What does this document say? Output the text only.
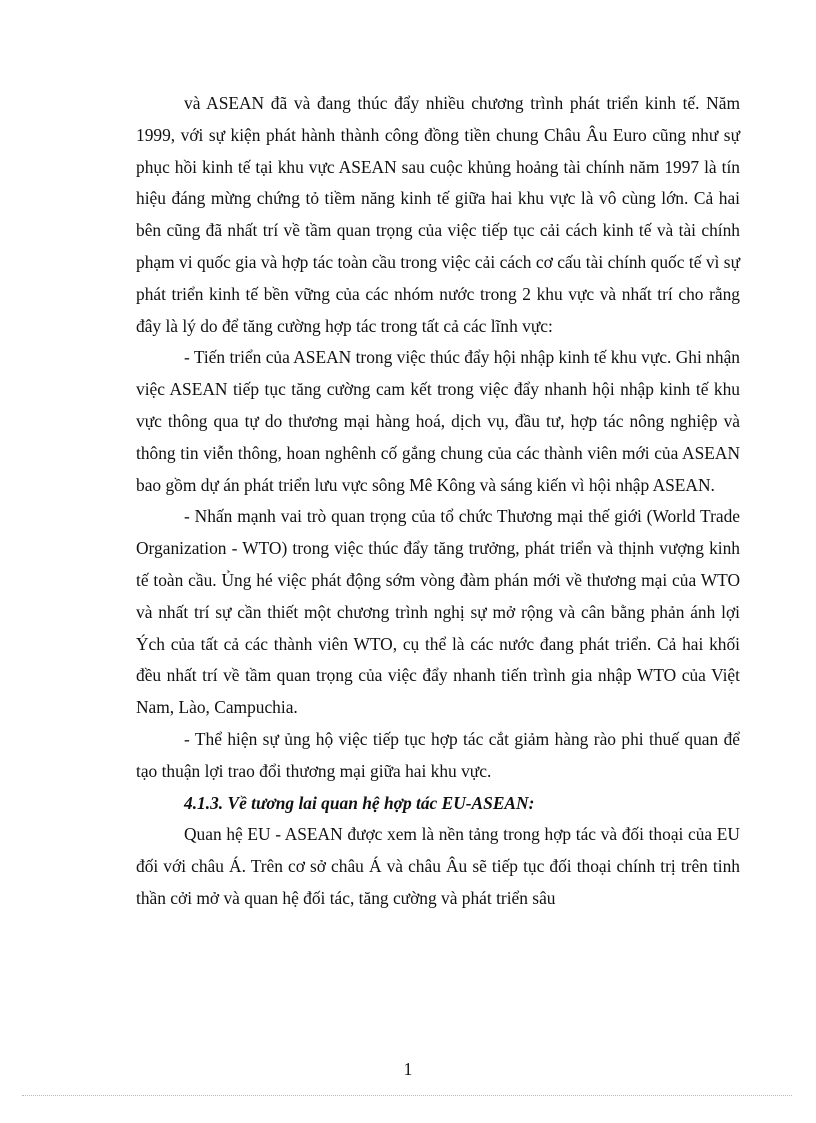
và ASEAN đã và đang thúc đẩy nhiều chương trình phát triển kinh tế. Năm 1999, với sự kiện phát hành thành công đồng tiền chung Châu Âu Euro cũng như sự phục hồi kinh tế tại khu vực ASEAN sau cuộc khủng hoảng tài chính năm 1997 là tín hiệu đáng mừng chứng tỏ tiềm năng kinh tế giữa hai khu vực là vô cùng lớn. Cả hai bên cũng đã nhất trí về tầm quan trọng của việc tiếp tục cải cách kinh tế và tài chính phạm vi quốc gia và hợp tác toàn cầu trong việc cải cách cơ cấu tài chính quốc tế vì sự phát triển kinh tế bền vững của các nhóm nước trong 2 khu vực và nhất trí cho rằng đây là lý do để tăng cường hợp tác trong tất cả các lĩnh vực:

- Tiến triển của ASEAN trong việc thúc đẩy hội nhập kinh tế khu vực. Ghi nhận việc ASEAN tiếp tục tăng cường cam kết trong việc đẩy nhanh hội nhập kinh tế khu vực thông qua tự do thương mại hàng hoá, dịch vụ, đầu tư, hợp tác nông nghiệp và thông tin viễn thông, hoan nghênh cố gắng chung của các thành viên mới của ASEAN bao gồm dự án phát triển lưu vực sông Mê Kông và sáng kiến vì hội nhập ASEAN.

- Nhấn mạnh vai trò quan trọng của tổ chức Thương mại thế giới (World Trade Organization - WTO) trong việc thúc đẩy tăng trưởng, phát triển và thịnh vượng kinh tế toàn cầu. Ủng hé việc phát động sớm vòng đàm phán mới về thương mại của WTO và nhất trí sự cần thiết một chương trình nghị sự mở rộng và cân bằng phản ánh lợi Ých của tất cả các thành viên WTO, cụ thể là các nước đang phát triển. Cả hai khối đều nhất trí về tầm quan trọng của việc đẩy nhanh tiến trình gia nhập WTO của Việt Nam, Lào, Campuchia.

- Thể hiện sự ủng hộ việc tiếp tục hợp tác cắt giảm hàng rào phi thuế quan để tạo thuận lợi trao đổi thương mại giữa hai khu vực.

4.1.3. Về tương lai quan hệ hợp tác EU-ASEAN:

Quan hệ EU - ASEAN được xem là nền tảng trong hợp tác và đối thoại của EU đối với châu Á. Trên cơ sở châu Á và châu Âu sẽ tiếp tục đối thoại chính trị trên tinh thần cởi mở và quan hệ đối tác, tăng cường và phát triển sâu

1
